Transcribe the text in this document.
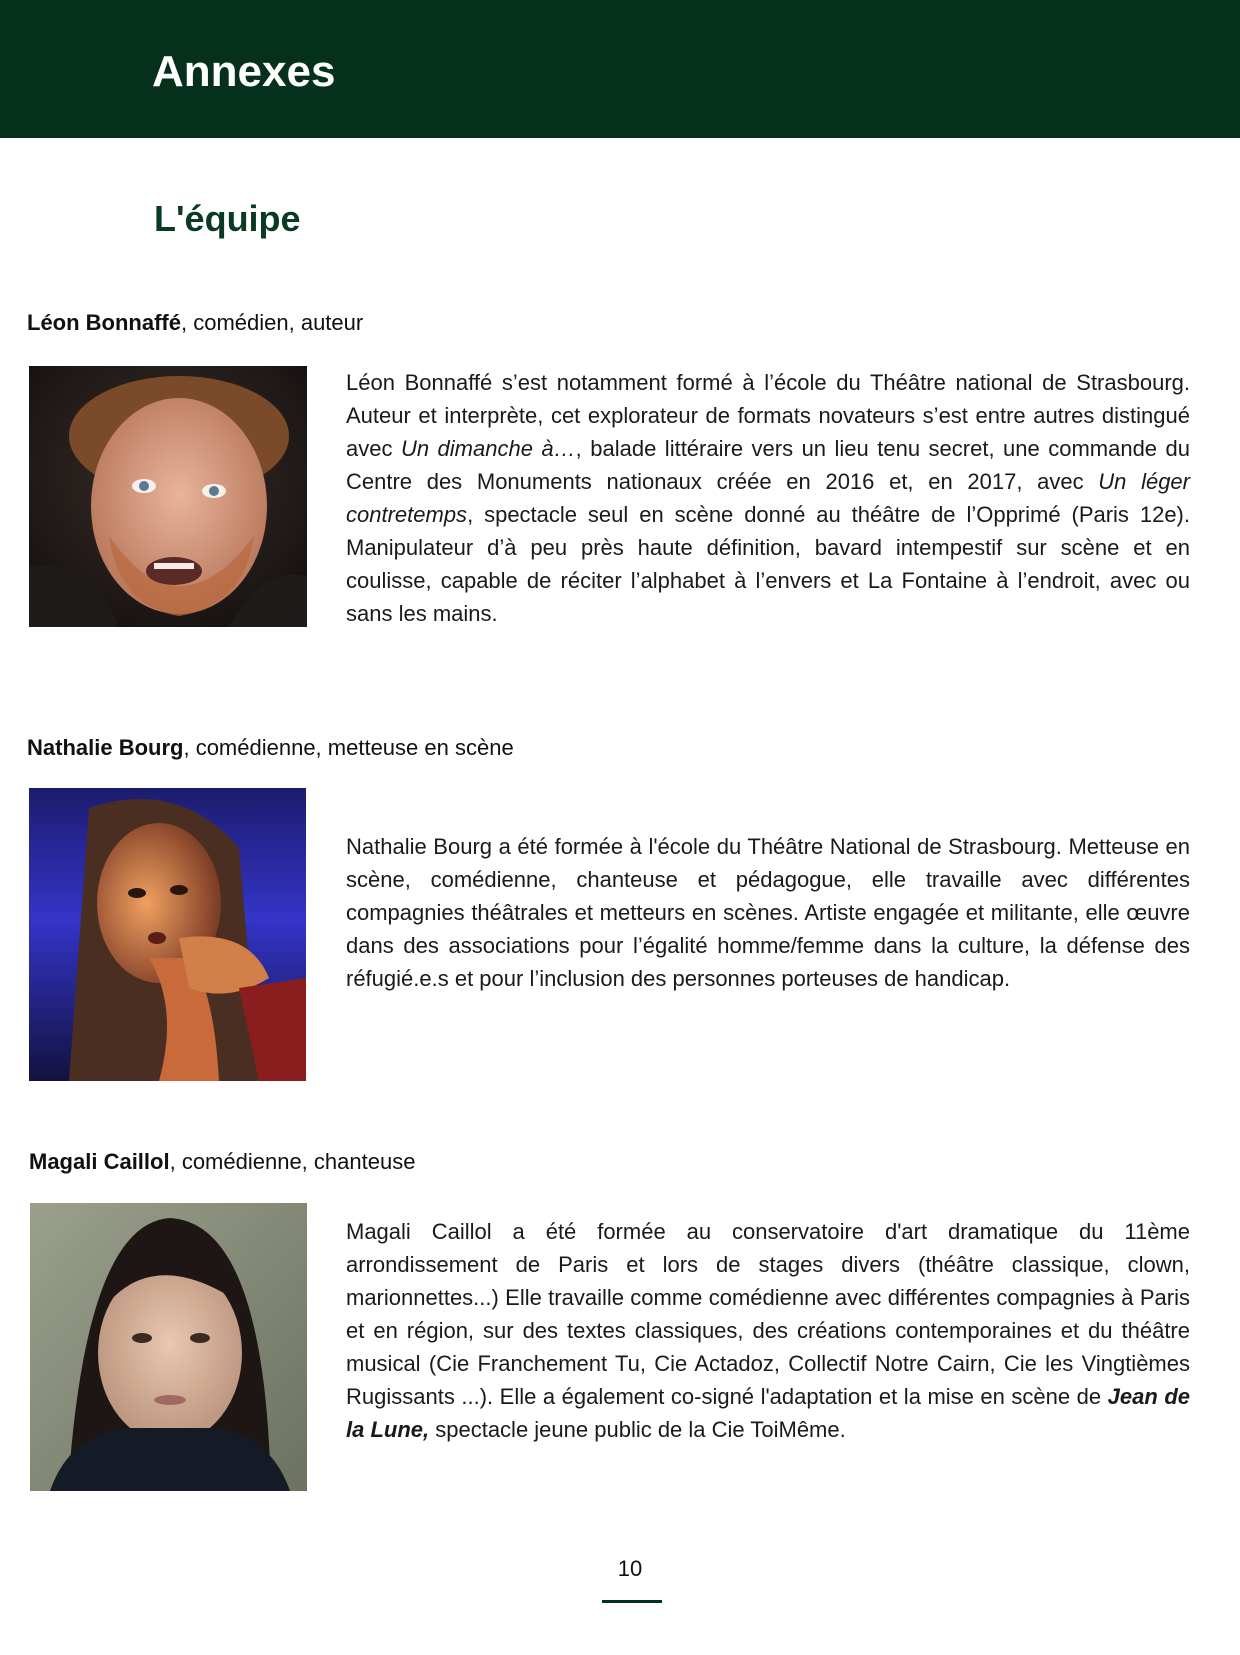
Annexes
L'équipe

Léon Bonnaffé, comédien, auteur

Léon Bonnaffé s’est notamment formé à l’école du Théâtre national de Strasbourg. Auteur et interprète, cet explorateur de formats novateurs s’est entre autres distingué avec Un dimanche à…, balade littéraire vers un lieu tenu secret, une commande du Centre des Monuments nationaux créée en 2016 et, en 2017, avec Un léger contretemps, spectacle seul en scène donné au théâtre de l’Opprimé (Paris 12e). Manipulateur d’à peu près haute définition, bavard intempestif sur scène et en coulisse, capable de réciter l’alphabet à l’envers et La Fontaine à l’endroit, avec ou sans les mains.

Nathalie Bourg, comédienne, metteuse en scène

Nathalie Bourg a été formée à l'école du Théâtre National de Strasbourg. Metteuse en scène, comédienne, chanteuse et pédagogue, elle travaille avec différentes compagnies théâtrales et metteurs en scènes. Artiste engagée et militante, elle œuvre dans des associations pour l’égalité homme/femme dans la culture, la défense des réfugié.e.s et pour l’inclusion des personnes porteuses de handicap.

Magali Caillol, comédienne, chanteuse

Magali Caillol a été formée au conservatoire d'art dramatique du 11ème arrondissement de Paris et lors de stages divers (théâtre classique, clown, marionnettes...) Elle travaille comme comédienne avec différentes compagnies à Paris et en région, sur des textes classiques, des créations contemporaines et du théâtre musical (Cie Franchement Tu, Cie Actadoz, Collectif Notre Cairn, Cie les Vingtièmes Rugissants ...). Elle a également co-signé l'adaptation et la mise en scène de Jean de la Lune, spectacle jeune public de la Cie ToiMême.

10
